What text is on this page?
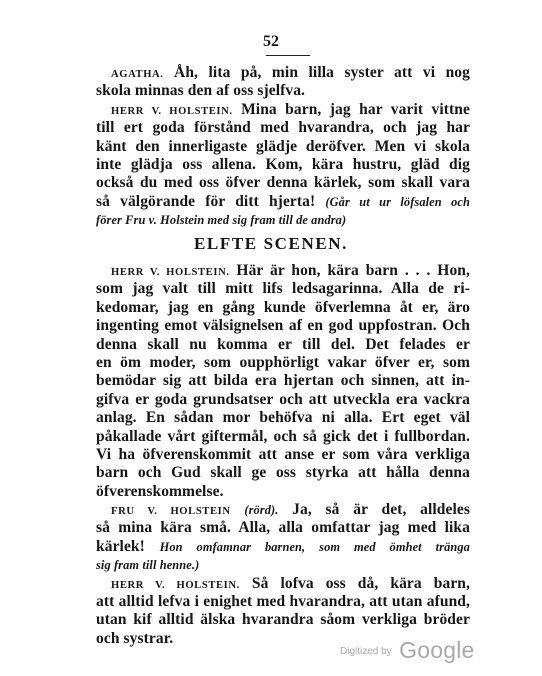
52
AGATHA. Åh, lita på, min lilla syster att vi nog
skola minnas den af oss sjelfva.
HERR V. HOLSTEIN. Mina barn, jag har varit vittne
till ert goda förstånd med hvarandra, och jag har
känt den innerligaste glädje deröfver. Men vi skola
inte glädja oss allena. Kom, kära hustru, gläd dig
också du med oss öfver denna kärlek, som skall vara
så välgörande för ditt hjerta! (Går ut ur löfsalen och
förer Fru v. Holstein med sig fram till de andra)
ELFTE SCENEN.
HERR V. HOLSTEIN. Här är hon, kära barn . . . Hon,
som jag valt till mitt lifs ledsagarinna. Alla de ri-
kedomar, jag en gång kunde öfverlemna åt er, äro
ingenting emot välsignelsen af en god uppfostran. Och
denna skall nu komma er till del. Det felades er
en öm moder, som oupphörligt vakar öfver er, som
bemödar sig att bilda era hjertan och sinnen, att in-
gifva er goda grundsatser och att utveckla era vackra
anlag. En sådan mor behöfva ni alla. Ert eget väl
påkallade vårt giftermål, och så gick det i fullbordan.
Vi ha öfverenskommit att anse er som våra verkliga
barn och Gud skall ge oss styrka att hålla denna
öfverenskommelse.
FRU V. HOLSTEIN (rörd). Ja, så är det, alldeles
så mina kära små. Alla, alla omfattar jag med lika
kärlek! Hon omfamnar barnen, som med ömhet tränga
sig fram till henne.)
HERR V. HOLSTEIN. Så lofva oss då, kära barn,
att alltid lefva i enighet med hvarandra, att utan afund,
utan kif alltid älska hvarandra såom verkliga bröder
och systrar.
$^{Digitized by}$ Google
